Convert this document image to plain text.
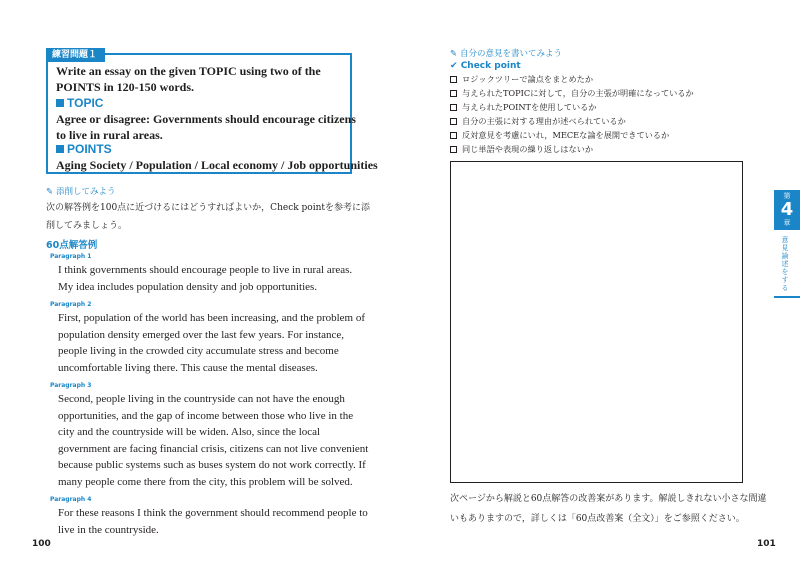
練習問題１
Write an essay on the given TOPIC using two of the
POINTS in 120-150 words.
TOPIC
Agree or disagree: Governments should encourage citizens
to live in rural areas.
POINTS
Aging Society / Population / Local economy / Job opportunities
✎ 添削してみよう
次の解答例を100点に近づけるにはどうすればよいか，Check pointを参考に添
削してみましょう。
60点解答例
Paragraph 1
I think governments should encourage people to live in rural areas.
My idea includes population density and job opportunities.
Paragraph 2
First, population of the world has been increasing, and the problem of
population density emerged over the last few years. For instance,
people living in the crowded city accumulate stress and become
uncomfortable living there. This cause the mental diseases.
Paragraph 3
Second, people living in the countryside can not have the enough
opportunities, and the gap of income between those who live in the
city and the countryside will be widen. Also, since the local
government are facing financial crisis, citizens can not live convenient
because public systems such as buses system do not work correctly. If
many people come there from the city, this problem will be solved.
Paragraph 4
For these reasons I think the government should recommend people to
live in the countryside.
100
✎ 自分の意見を書いてみよう
✔ Check point
ロジックツリーで論点をまとめたか
与えられたTOPICに対して，自分の主張が明確になっているか
与えられたPOINTを使用しているか
自分の主張に対する理由が述べられているか
反対意見を考慮にいれ，MECEな論を展開できているか
同じ単語や表現の繰り返しはないか
次ページから解説と60点解答の改善案があります。解説しきれない小さな間違
いもありますので，詳しくは「60点改善案（全文）」をご参照ください。
101
第
4
章
意見論述をする
